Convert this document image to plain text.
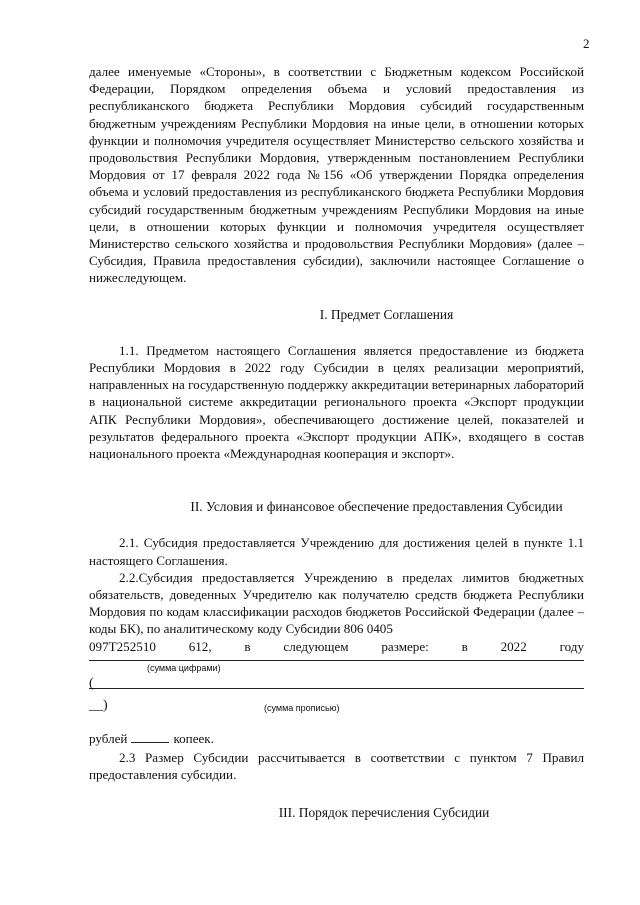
2

далее именуемые «Стороны», в соответствии с Бюджетным кодексом Российской Федерации, Порядком определения объема и условий предоставления из республиканского бюджета Республики Мордовия субсидий государственным бюджетным учреждениям Республики Мордовия на иные цели, в отношении которых функции и полномочия учредителя осуществляет Министерство сельского хозяйства и продовольствия Республики Мордовия, утвержденным постановлением Республики Мордовия от 17 февраля 2022 года №156 «Об утверждении Порядка определения объема и условий предоставления из республиканского бюджета Республики Мордовия субсидий государственным бюджетным учреждениям Республики Мордовия на иные цели, в отношении которых функции и полномочия учредителя осуществляет Министерство сельского хозяйства и продовольствия Республики Мордовия» (далее – Субсидия, Правила предоставления субсидии), заключили настоящее Соглашение о нижеследующем.

I. Предмет Соглашения

1.1. Предметом настоящего Соглашения является предоставление из бюджета Республики Мордовия в 2022 году Субсидии в целях реализации мероприятий, направленных на государственную поддержку аккредитации ветеринарных лабораторий в национальной системе аккредитации регионального проекта «Экспорт продукции АПК Республики Мордовия», обеспечивающего достижение целей, показателей и результатов федерального проекта «Экспорт продукции АПК», входящего в состав национального проекта «Международная кооперация и экспорт».

II. Условия и финансовое обеспечение предоставления Субсидии

2.1. Субсидия предоставляется Учреждению для достижения целей в пункте 1.1 настоящего Соглашения.

2.2.Субсидия предоставляется Учреждению в пределах лимитов бюджетных обязательств, доведенных Учредителю как получателю средств бюджета Республики Мордовия по кодам классификации расходов бюджетов Российской Федерации (далее – коды БК), по аналитическому коду Субсидии 806 0405

097Т252510 612, в следующем размере: в 2022 году

(сумма цифрами)
(
__)	(сумма прописью)

рублей	копеек.

2.3 Размер Субсидии рассчитывается в соответствии с пунктом 7 Правил предоставления субсидии.

III. Порядок перечисления Субсидии
